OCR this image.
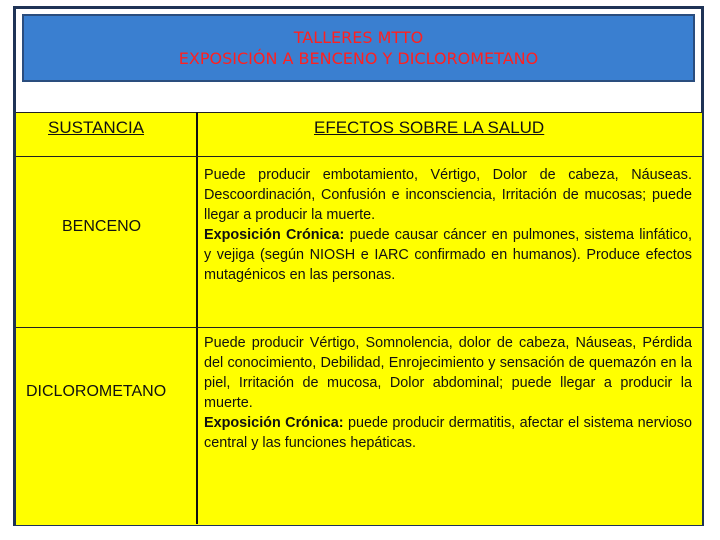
TALLERES MTTO
EXPOSICIÓN A BENCENO Y DICLOROMETANO
SUSTANCIA	EFECTOS SOBRE LA SALUD
BENCENO

Puede producir embotamiento, Vértigo, Dolor de cabeza, Náuseas. Descoordinación, Confusión e inconsciencia, Irritación de mucosas; puede llegar a producir la muerte.

Exposición Crónica: puede causar cáncer en pulmones, sistema linfático, y vejiga (según NIOSH e IARC confirmado en humanos). Produce efectos mutagénicos en las personas.

DICLOROMETANO

Puede producir Vértigo, Somnolencia, dolor de cabeza, Náuseas, Pérdida del conocimiento, Debilidad, Enrojecimiento y sensación de quemazón en la piel, Irritación de mucosa, Dolor abdominal; puede llegar a producir la muerte.

Exposición Crónica: puede producir dermatitis, afectar el sistema nervioso central y las funciones hepáticas.
